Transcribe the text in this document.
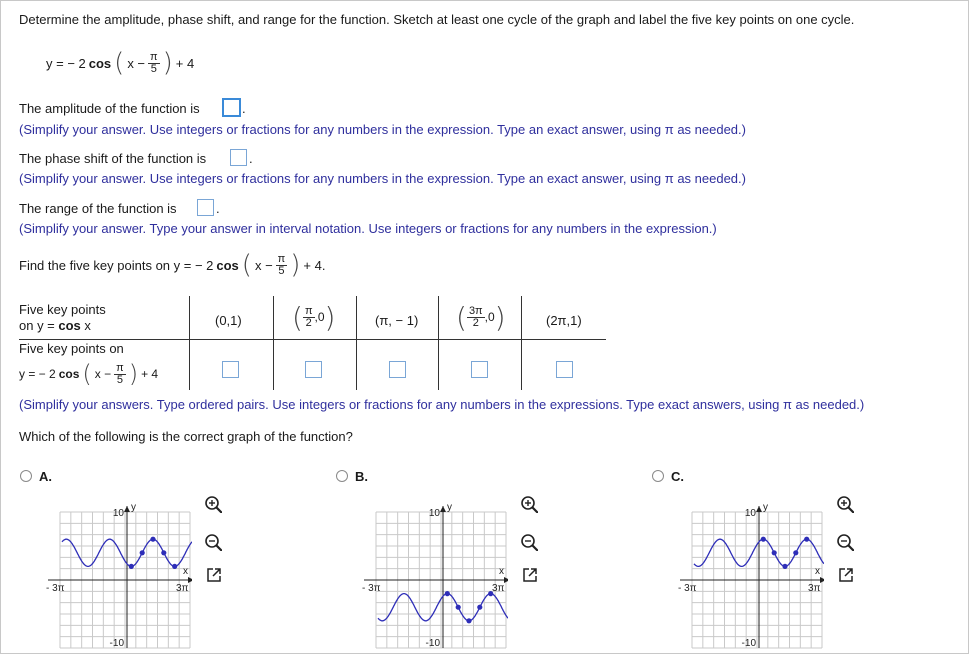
Determine the amplitude, phase shift, and range for the function. Sketch at least one cycle of the graph and label the five key points on one cycle.
y = − 2 cos ( $x - \frac{\pi}{5}$ ) + 4
The amplitude of the function is	.
(Simplify your answer. Use integers or fractions for any numbers in the expression. Type an exact answer, using π as needed.)
The phase shift of the function is	.
(Simplify your answer. Use integers or fractions for any numbers in the expression. Type an exact answer, using π as needed.)
The range of the function is	.
(Simplify your answer. Type your answer in interval notation. Use integers or fractions for any numbers in the expression.)
Find the five key points on y = − 2 cos ( $x - \frac{\pi}{5}$ ) + 4.
Five key points
on y = cos x	(0,1) ( $\frac{\pi}{2} ,0$ )	(π, − 1) ( $\frac{3\pi}{2} ,0$ )	(2π,1)
Five key points on
y = − 2 cos ( $x - \frac{\pi}{5}$ ) + 4
(Simplify your answers. Type ordered pairs. Use integers or fractions for any numbers in the expressions. Type exact answers, using π as needed.)
Which of the following is the correct graph of the function?
A.
10
-10
- 3π	3π
x
y
B.
10
-10
- 3π	3π
x
y
C.
10
-10
- 3π	3π
x
y
